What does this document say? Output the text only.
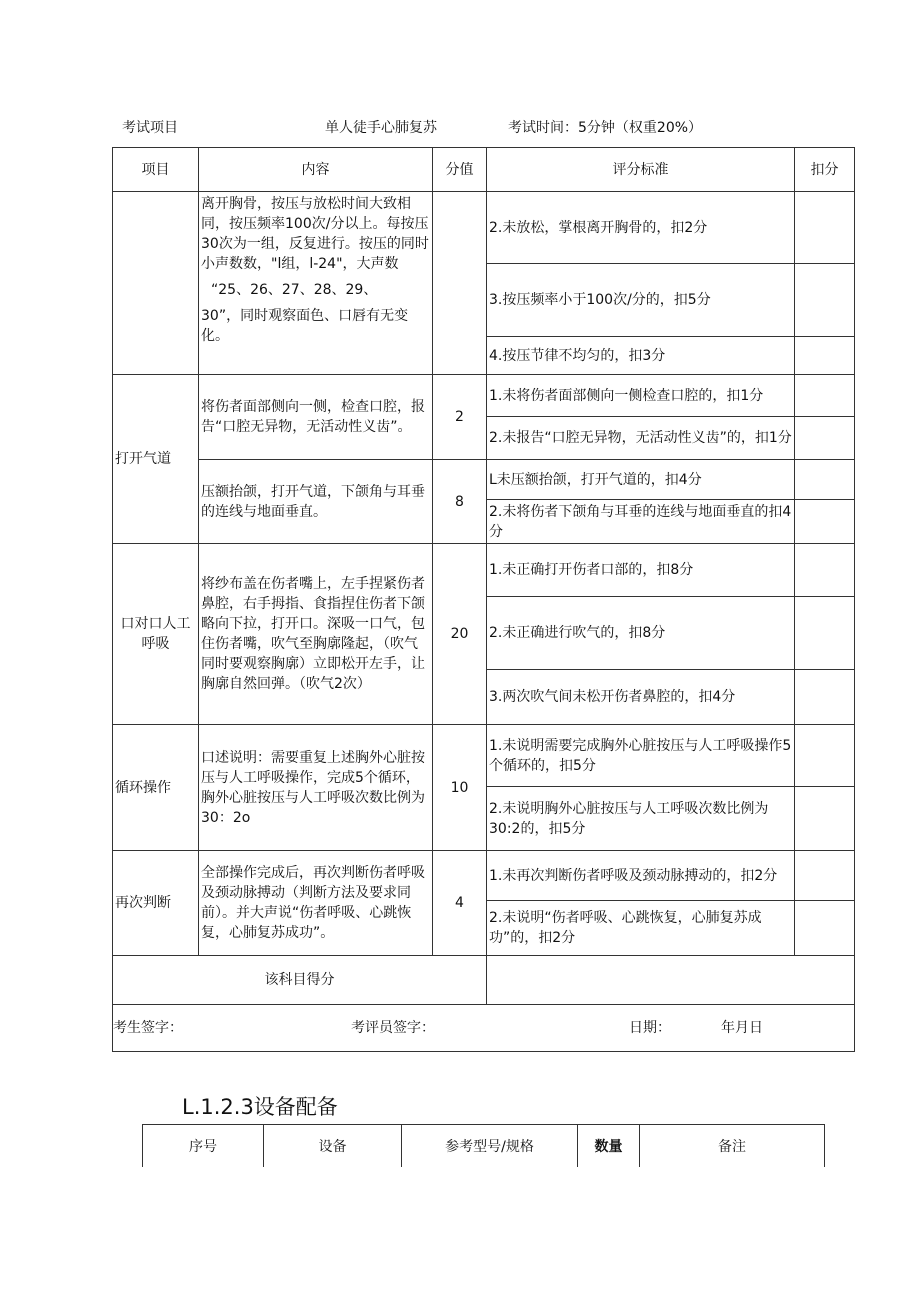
考试项目	单人徒手心肺复苏	考试时间：5分钟（权重20%）
项目	内容	分值	评分标准	扣分

	离开胸骨，按压与放松时间大致相同，按压频率100次/分以上。每按压30次为一组，反复进行。按压的同时小声数数，"l组，l-24"，大声数
“25、26、27、28、29、
30”，同时观察面色、口唇有无变化。		2.未放松，掌根离开胸骨的，扣2分	
			3.按压频率小于100次/分的，扣5分	
			4.按压节律不均匀的，扣3分	
打开气道	将伤者面部侧向一侧，检查口腔，报告“口腔无异物，无活动性义齿”。	2	1.未将伤者面部侧向一侧检查口腔的，扣1分	
			2.未报告“口腔无异物，无活动性义齿”的，扣1分	
	压额抬颌，打开气道，下颌角与耳垂的连线与地面垂直。	8	L未压额抬颌，打开气道的，扣4分	
			2.未将伤者下颌角与耳垂的连线与地面垂直的扣4分	
口对口人工呼吸	将纱布盖在伤者嘴上，左手捏紧伤者鼻腔，右手拇指、食指捏住伤者下颌略向下拉，打开口。深吸一口气，包住伤者嘴，吹气至胸廓隆起，（吹气同时要观察胸廓）立即松开左手，让胸廓自然回弹。（吹气2次）	20	1.未正确打开伤者口部的，扣8分	
			2.未正确进行吹气的，扣8分	
			3.两次吹气间未松开伤者鼻腔的，扣4分	
循环操作	口述说明：需要重复上述胸外心脏按压与人工呼吸操作，完成5个循环，胸外心脏按压与人工呼吸次数比例为30：2o	10	1.未说明需要完成胸外心脏按压与人工呼吸操作5个循环的，扣5分	
			2.未说明胸外心脏按压与人工呼吸次数比例为30:2的，扣5分	
再次判断	全部操作完成后，再次判断伤者呼吸及颈动脉搏动（判断方法及要求同前）。并大声说“伤者呼吸、心跳恢复，心肺复苏成功”。	4	1.未再次判断伤者呼吸及颈动脉搏动的，扣2分	
			2.未说明“伤者呼吸、心跳恢复，心肺复苏成功”的，扣2分	
该科目得分				

考生签字： 考评员签字： 日期： 年月日				
L.1.2.3设备配备
序号	设备	参考型号/规格	数量	备注
